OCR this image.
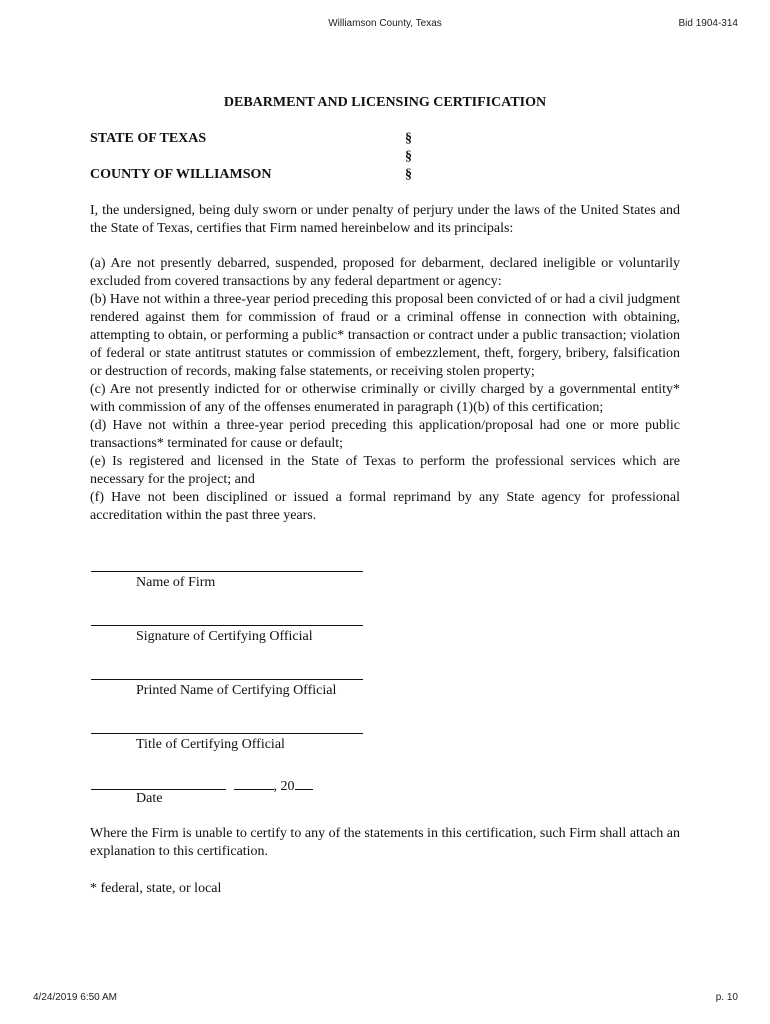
Williamson County, Texas	Bid 1904-314
DEBARMENT AND LICENSING CERTIFICATION
STATE OF TEXAS	§
§
COUNTY OF WILLIAMSON	§
I, the undersigned, being duly sworn or under penalty of perjury under the laws of the United States and the State of Texas, certifies that Firm named hereinbelow and its principals:

(a) Are not presently debarred, suspended, proposed for debarment, declared ineligible or voluntarily excluded from covered transactions by any federal department or agency:

(b) Have not within a three-year period preceding this proposal been convicted of or had a civil judgment rendered against them for commission of fraud or a criminal offense in connection with obtaining, attempting to obtain, or performing a public* transaction or contract under a public transaction; violation of federal or state antitrust statutes or commission of embezzlement, theft, forgery, bribery, falsification or destruction of records, making false statements, or receiving stolen property;

(c) Are not presently indicted for or otherwise criminally or civilly charged by a governmental entity* with commission of any of the offenses enumerated in paragraph (1)(b) of this certification;

(d) Have not within a three-year period preceding this application/proposal had one or more public transactions* terminated for cause or default;

(e) Is registered and licensed in the State of Texas to perform the professional services which are necessary for the project; and

(f) Have not been disciplined or issued a formal reprimand by any State agency for professional accreditation within the past three years.

Name of Firm
Signature of Certifying Official
Printed Name of Certifying Official
Title of Certifying Official
, 20
Date
Where the Firm is unable to certify to any of the statements in this certification, such Firm shall attach an explanation to this certification.
* federal, state, or local
4/24/2019 6:50 AM	p. 10
